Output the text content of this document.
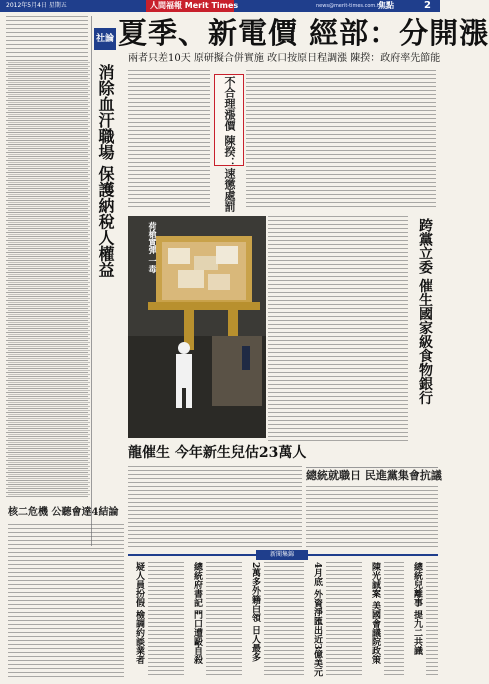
2012年5月4日 星期五	人間福報 Merit Times	news@merit-times.com.tw
焦點	2
社論
消除血汗職場 保護納稅人權益
夏季、新電價 經部：分開漲
兩者只差10天 原研擬合併實施 改口按原日程調漲 陳揆：政府率先節能
不合理漲價 陳揆：速懲處罰
荷槍實彈 一毒	跨黨立委 催生國家級食物銀行
龍催生 今年新生兒估23萬人
總統就職日 民進黨集會抗議
核二危機 公聽會達4結論
新聞集錦
疑人員扮假 檢調約談業者	總統府書記 門口遭毆自殺	2萬多外籍白領 日人最多	4月底 外資淨匯出近3億美元	陳光誠案 美國會議院政策	總統兒離事 提九二共識
